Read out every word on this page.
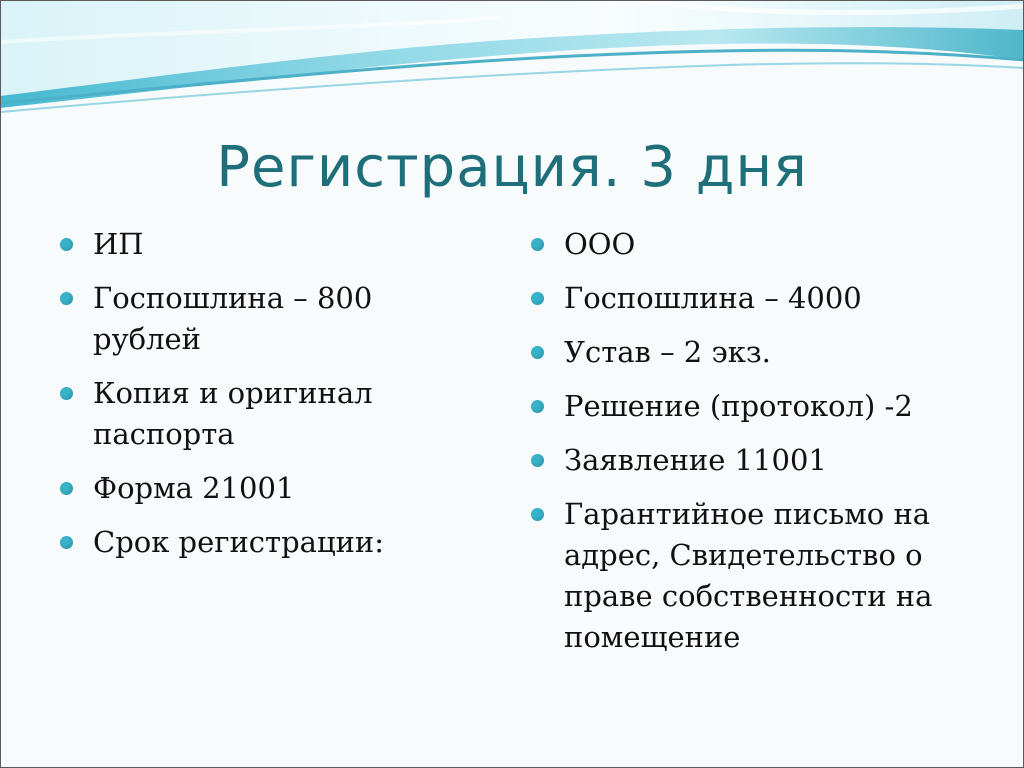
Регистрация. 3 дня
ИП
Госпошлина – 800 рублей
Копия и оригинал паспорта
Форма 21001
Срок регистрации:
ООО
Госпошлина – 4000
Устав – 2 экз.
Решение (протокол) -2
Заявление 11001
Гарантийное письмо на адрес, Свидетельство о праве собственности на помещение
